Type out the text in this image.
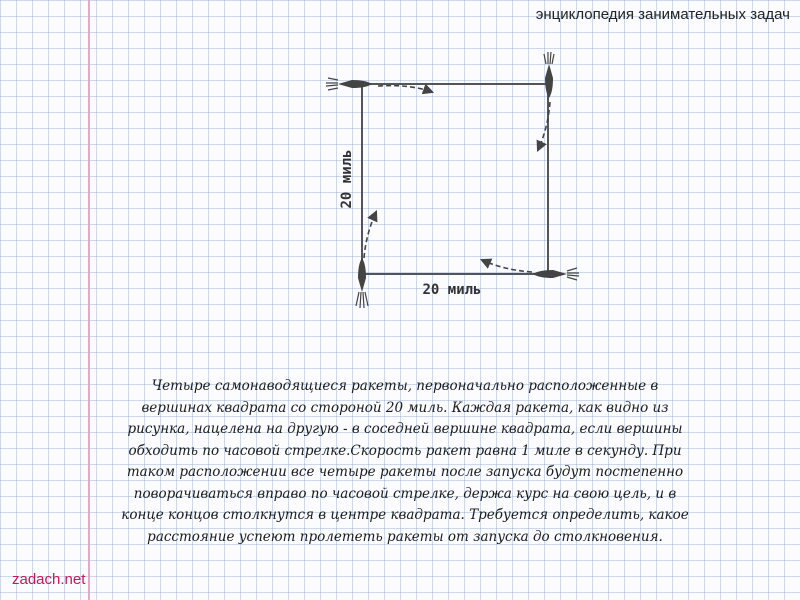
энциклопедия занимательных задач
20 миль
20 миль
Четыре самонаводящиеся ракеты, первоначально расположенные в вершинах квадрата со стороной 20 миль. Каждая ракета, как видно из рисунка, нацелена на другую - в соседней вершине квадрата, если вершины обходить по часовой стрелке.Скорость ракет равна 1 миле в секунду. При таком расположении все четыре ракеты после запуска будут постепенно поворачиваться вправо по часовой стрелке, держа курс на свою цель, и в конце концов столкнутся в центре квадрата. Требуется определить, какое расстояние успеют пролететь ракеты от запуска до столкновения.
zadach.net
